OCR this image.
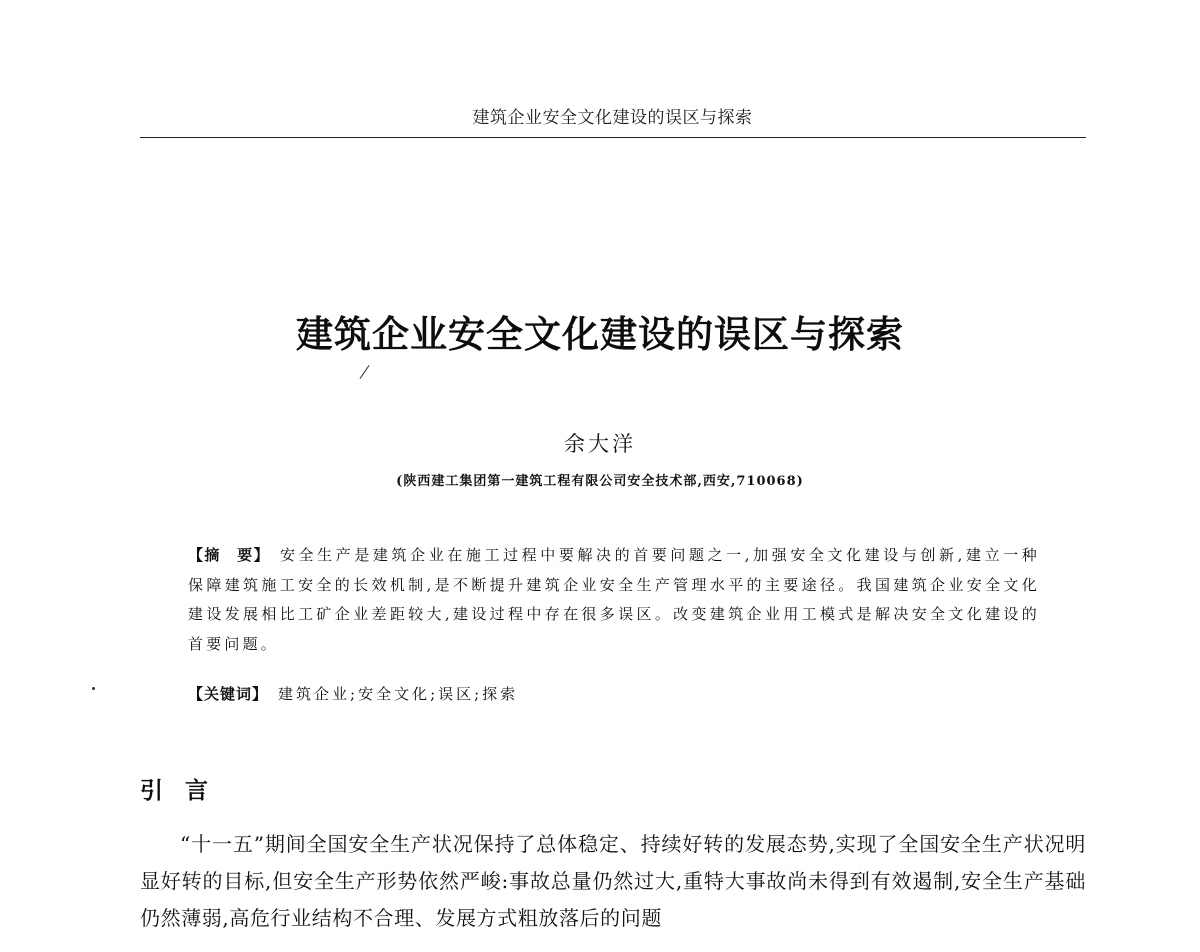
建筑企业安全文化建设的误区与探索
建筑企业安全文化建设的误区与探索
余大洋
(陕西建工集团第一建筑工程有限公司安全技术部,西安,710068)
【摘　要】 安全生产是建筑企业在施工过程中要解决的首要问题之一,加强安全文化建设与创新,建立一种保障建筑施工安全的长效机制,是不断提升建筑企业安全生产管理水平的主要途径。我国建筑企业安全文化建设发展相比工矿企业差距较大,建设过程中存在很多误区。改变建筑企业用工模式是解决安全文化建设的首要问题。
【关键词】 建筑企业;安全文化;误区;探索
引言
“十一五”期间全国安全生产状况保持了总体稳定、持续好转的发展态势,实现了全国安全生产状况明显好转的目标,但安全生产形势依然严峻:事故总量仍然过大,重特大事故尚未得到有效遏制,安全生产基础仍然薄弱,高危行业结构不合理、发展方式粗放落后的问题
